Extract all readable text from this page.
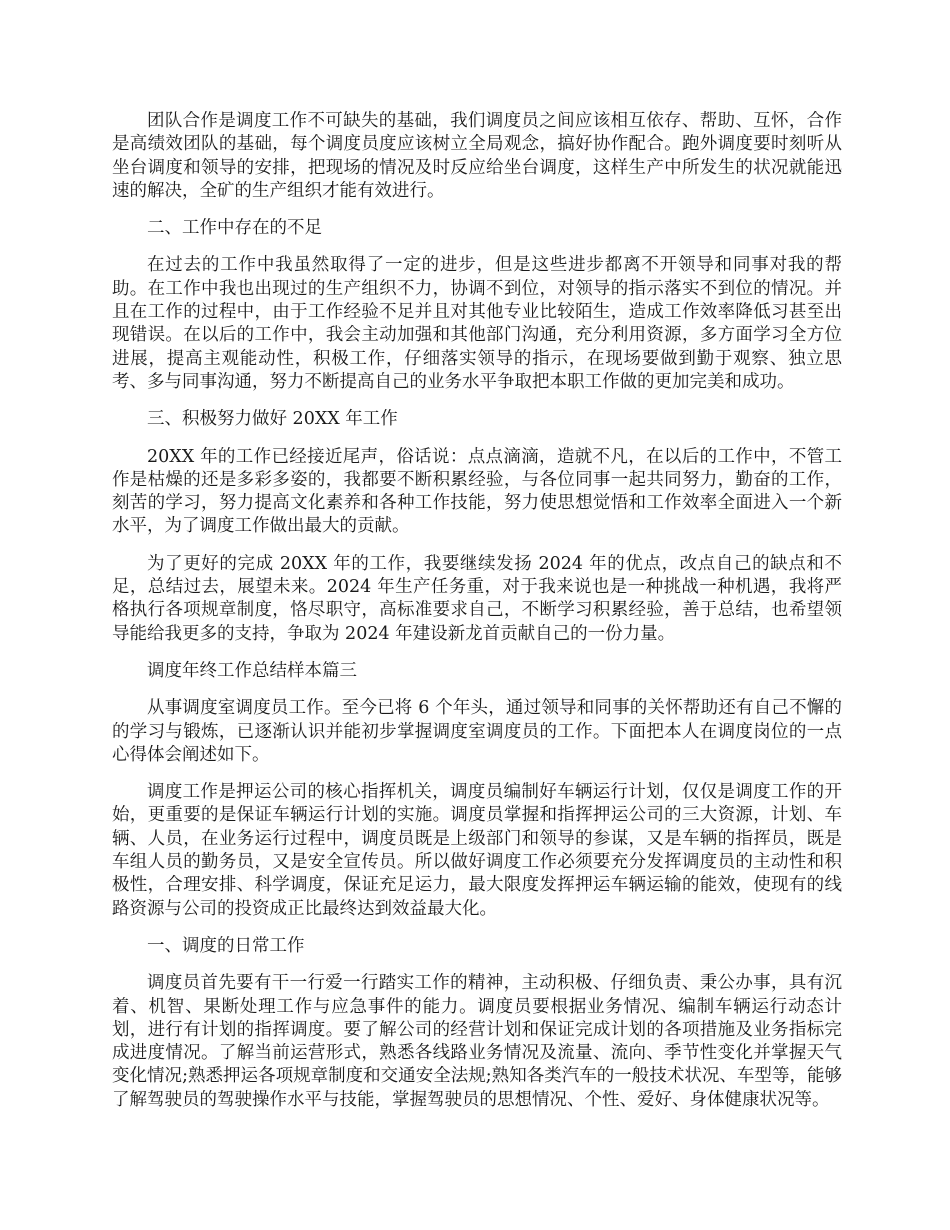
团队合作是调度工作不可缺失的基础，我们调度员之间应该相互依存、帮助、互怀，合作是高绩效团队的基础，每个调度员度应该树立全局观念，搞好协作配合。跑外调度要时刻听从坐台调度和领导的安排，把现场的情况及时反应给坐台调度，这样生产中所发生的状况就能迅速的解决，全矿的生产组织才能有效进行。

二、工作中存在的不足

在过去的工作中我虽然取得了一定的进步，但是这些进步都离不开领导和同事对我的帮助。在工作中我也出现过的生产组织不力，协调不到位，对领导的指示落实不到位的情况。并且在工作的过程中，由于工作经验不足并且对其他专业比较陌生，造成工作效率降低习甚至出现错误。在以后的工作中，我会主动加强和其他部门沟通，充分利用资源，多方面学习全方位进展，提高主观能动性，积极工作，仔细落实领导的指示，在现场要做到勤于观察、独立思考、多与同事沟通，努力不断提高自己的业务水平争取把本职工作做的更加完美和成功。

三、积极努力做好 20XX 年工作

20XX 年的工作已经接近尾声，俗话说：点点滴滴，造就不凡，在以后的工作中，不管工作是枯燥的还是多彩多姿的，我都要不断积累经验，与各位同事一起共同努力，勤奋的工作，刻苦的学习，努力提高文化素养和各种工作技能，努力使思想觉悟和工作效率全面进入一个新水平，为了调度工作做出最大的贡献。

为了更好的完成 20XX 年的工作，我要继续发扬 2024 年的优点，改点自己的缺点和不足，总结过去，展望未来。2024 年生产任务重，对于我来说也是一种挑战一种机遇，我将严格执行各项规章制度，恪尽职守，高标准要求自己，不断学习积累经验，善于总结，也希望领导能给我更多的支持，争取为 2024 年建设新龙首贡献自己的一份力量。

调度年终工作总结样本篇三

从事调度室调度员工作。至今已将 6 个年头，通过领导和同事的关怀帮助还有自己不懈的的学习与锻炼，已逐渐认识并能初步掌握调度室调度员的工作。下面把本人在调度岗位的一点心得体会阐述如下。

调度工作是押运公司的核心指挥机关，调度员编制好车辆运行计划，仅仅是调度工作的开始，更重要的是保证车辆运行计划的实施。调度员掌握和指挥押运公司的三大资源，计划、车辆、人员，在业务运行过程中，调度员既是上级部门和领导的参谋，又是车辆的指挥员，既是车组人员的勤务员，又是安全宣传员。所以做好调度工作必须要充分发挥调度员的主动性和积极性，合理安排、科学调度，保证充足运力，最大限度发挥押运车辆运输的能效，使现有的线路资源与公司的投资成正比最终达到效益最大化。

一、调度的日常工作

调度员首先要有干一行爱一行踏实工作的精神，主动积极、仔细负责、秉公办事，具有沉着、机智、果断处理工作与应急事件的能力。调度员要根据业务情况、编制车辆运行动态计划，进行有计划的指挥调度。要了解公司的经营计划和保证完成计划的各项措施及业务指标完成进度情况。了解当前运营形式，熟悉各线路业务情况及流量、流向、季节性变化并掌握天气变化情况;熟悉押运各项规章制度和交通安全法规;熟知各类汽车的一般技术状况、车型等，能够了解驾驶员的驾驶操作水平与技能，掌握驾驶员的思想情况、个性、爱好、身体健康状况等。
